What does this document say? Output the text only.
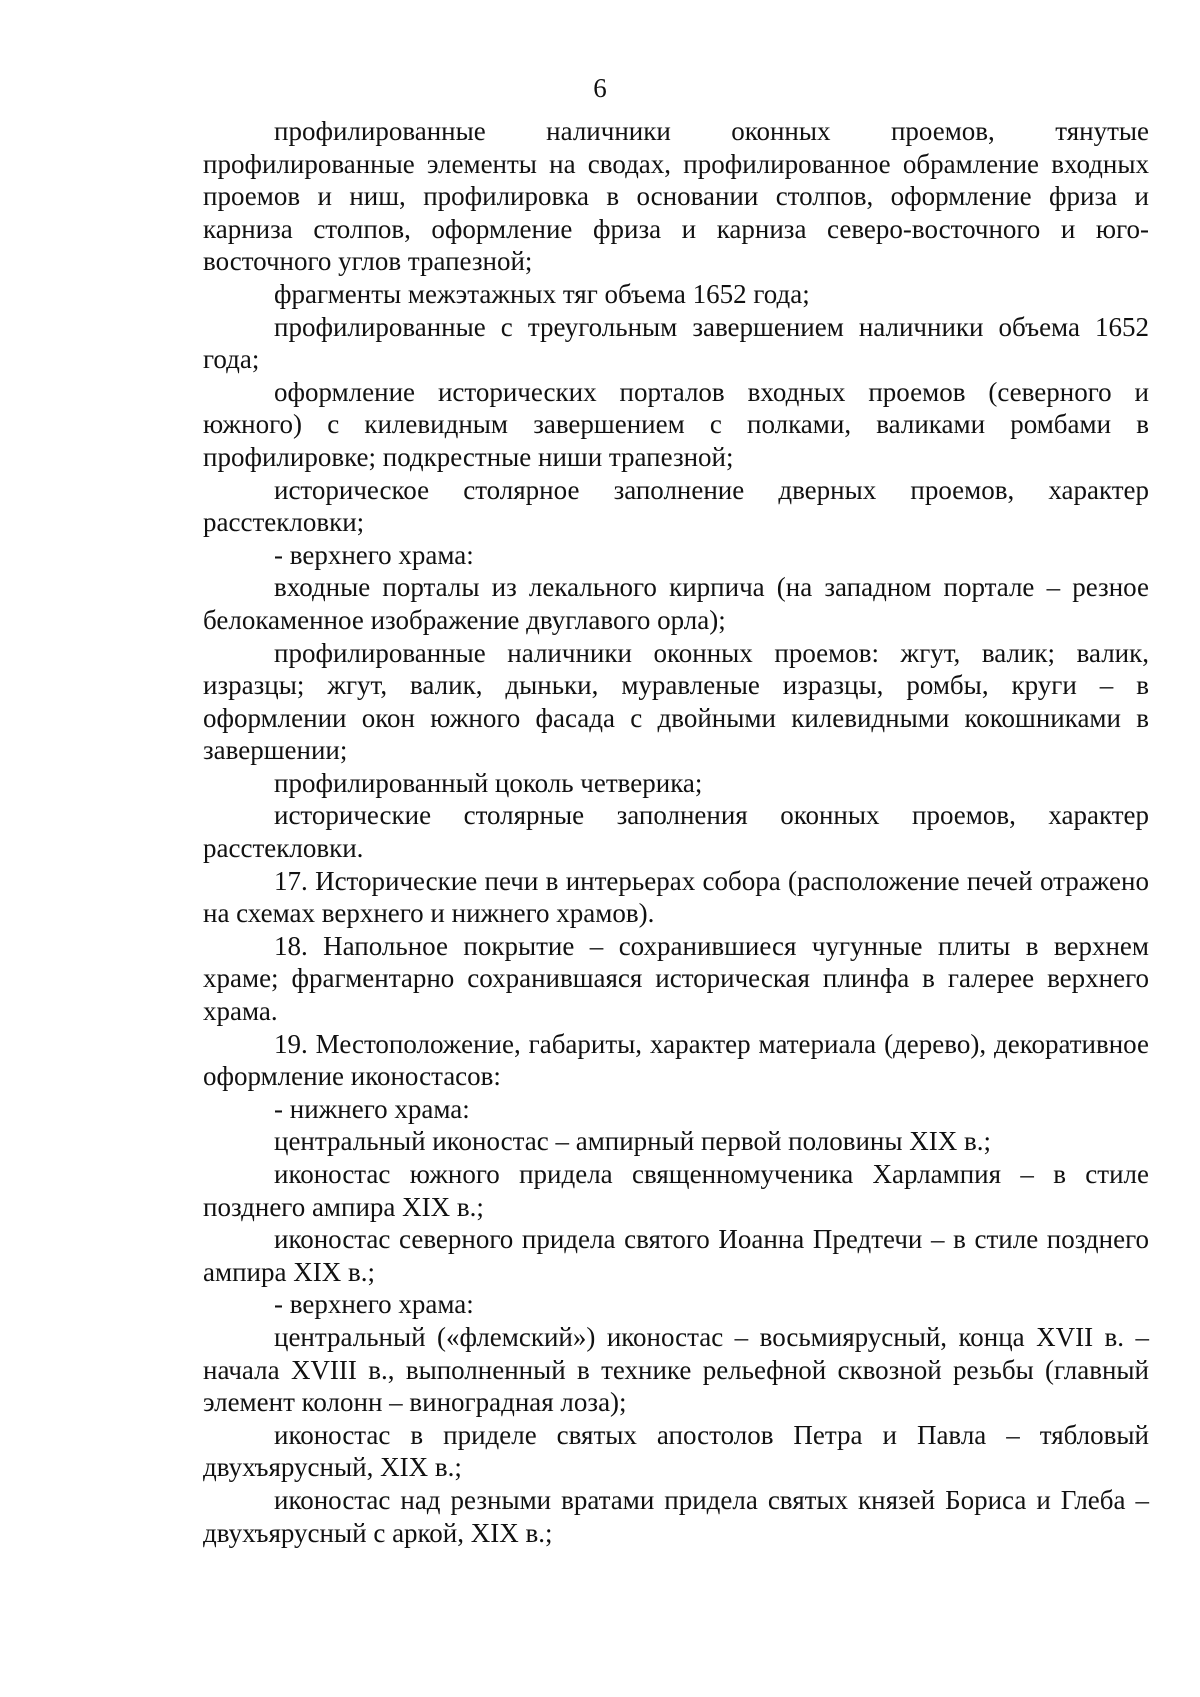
6

профилированные наличники оконных проемов, тянутые профилированные элементы на сводах, профилированное обрамление входных проемов и ниш, профилировка в основании столпов, оформление фриза и карниза столпов, оформление фриза и карниза северо-восточного и юго-восточного углов трапезной;

фрагменты межэтажных тяг объема 1652 года;

профилированные с треугольным завершением наличники объема 1652 года;

оформление исторических порталов входных проемов (северного и южного) с килевидным завершением с полками, валиками ромбами в профилировке; подкрестные ниши трапезной;

историческое столярное заполнение дверных проемов, характер расстекловки;

- верхнего храма:

входные порталы из лекального кирпича (на западном портале – резное белокаменное изображение двуглавого орла);

профилированные наличники оконных проемов: жгут, валик; валик, изразцы; жгут, валик, дыньки, муравленые изразцы, ромбы, круги – в оформлении окон южного фасада с двойными килевидными кокошниками в завершении;

профилированный цоколь четверика;

исторические столярные заполнения оконных проемов, характер расстекловки.

17. Исторические печи в интерьерах собора (расположение печей отражено на схемах верхнего и нижнего храмов).

18. Напольное покрытие – сохранившиеся чугунные плиты в верхнем храме; фрагментарно сохранившаяся историческая плинфа в галерее верхнего храма.

19. Местоположение, габариты, характер материала (дерево), декоративное оформление иконостасов:

- нижнего храма:

центральный иконостас – ампирный первой половины XIX в.;

иконостас южного придела священномученика Харлампия – в стиле позднего ампира XIX в.;

иконостас северного придела святого Иоанна Предтечи – в стиле позднего ампира XIX в.;

- верхнего храма:

центральный («флемский») иконостас – восьмиярусный, конца XVII в. – начала XVIII в., выполненный в технике рельефной сквозной резьбы (главный элемент колонн – виноградная лоза);

иконостас в приделе святых апостолов Петра и Павла – тябловый двухъярусный, XIX в.;

иконостас над резными вратами придела святых князей Бориса и Глеба – двухъярусный с аркой, XIX в.;
